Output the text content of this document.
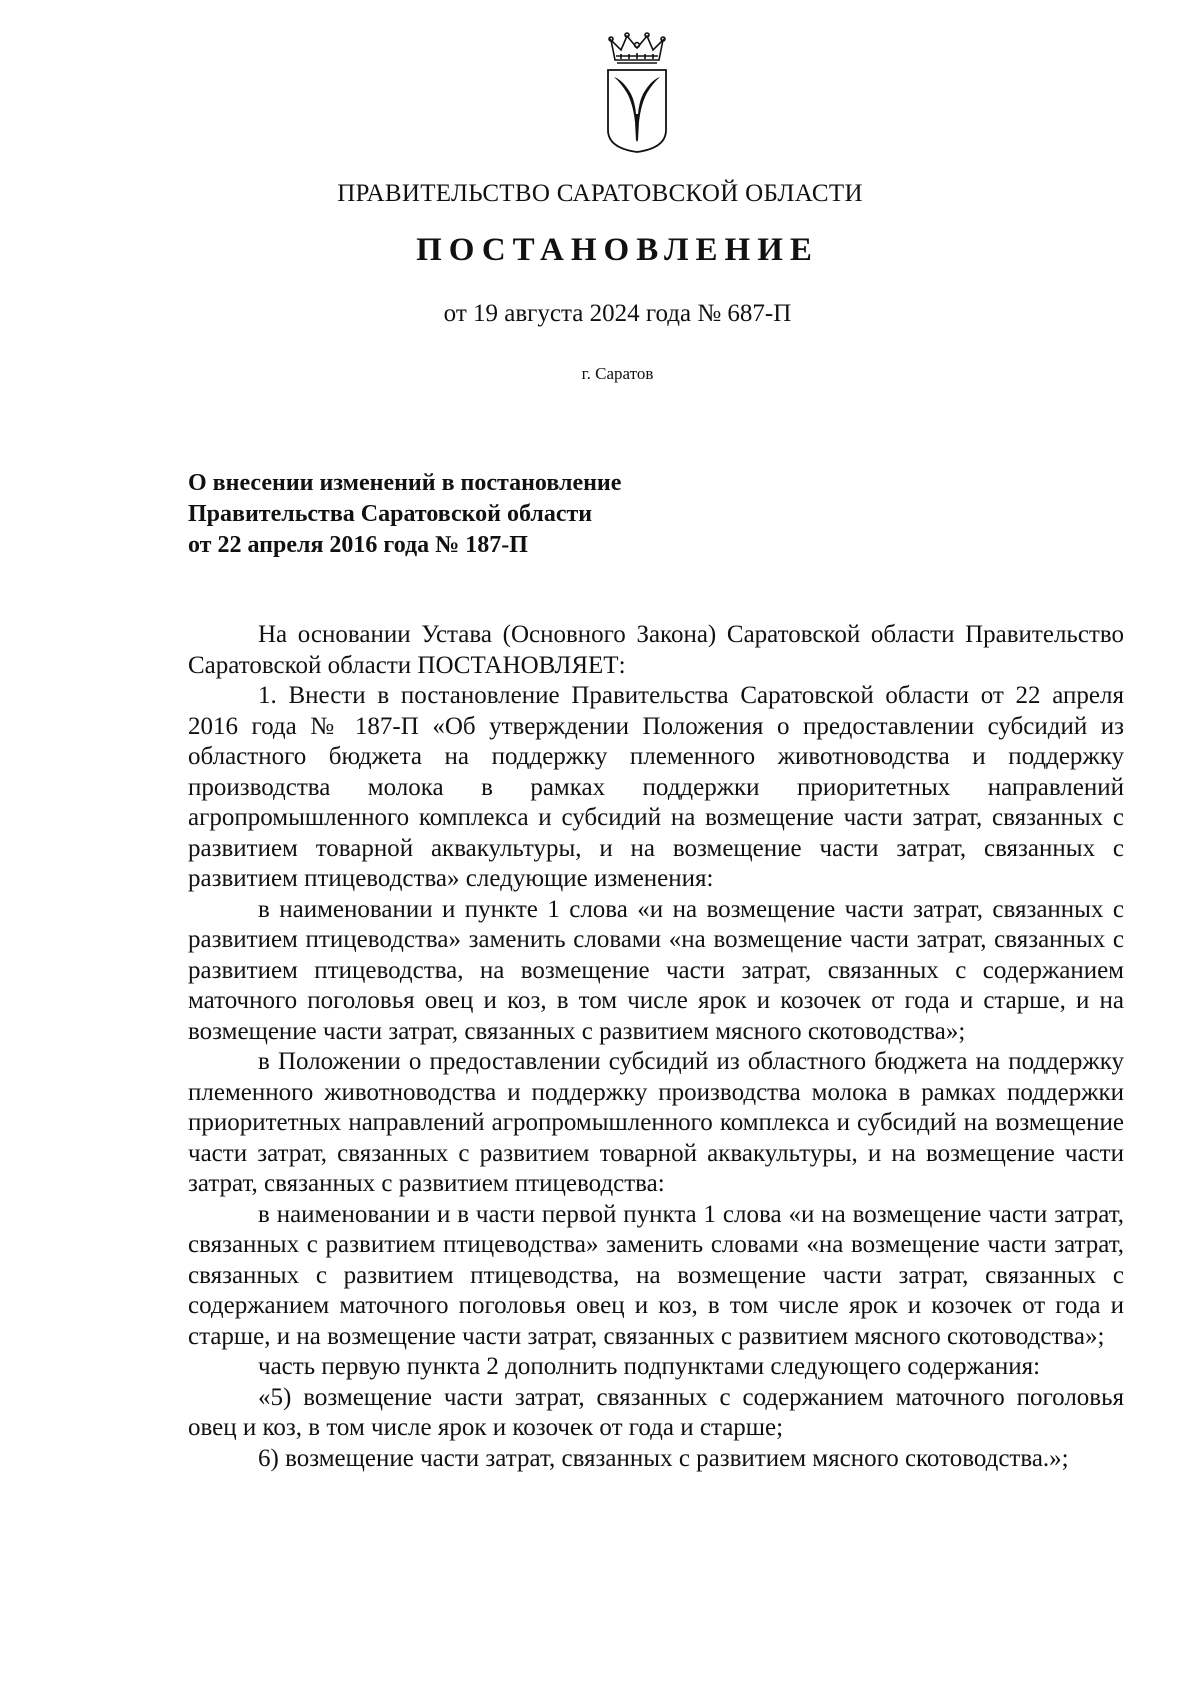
ПРАВИТЕЛЬСТВО САРАТОВСКОЙ ОБЛАСТИ
ПОСТАНОВЛЕНИЕ
от 19 августа 2024 года № 687-П
г. Саратов
О внесении изменений в постановление
Правительства Саратовской области
от 22 апреля 2016 года № 187-П

На основании Устава (Основного Закона) Саратовской области Правительство Саратовской области ПОСТАНОВЛЯЕТ:

1. Внести в постановление Правительства Саратовской области от 22 апреля 2016 года № 187-П «Об утверждении Положения о предоставлении субсидий из областного бюджета на поддержку племенного животноводства и поддержку производства молока в рамках поддержки приоритетных направлений агропромышленного комплекса и субсидий на возмещение части затрат, связанных с развитием товарной аквакультуры, и на возмещение части затрат, связанных с развитием птицеводства» следующие изменения:

в наименовании и пункте 1 слова «и на возмещение части затрат, связанных с развитием птицеводства» заменить словами «на возмещение части затрат, связанных с развитием птицеводства, на возмещение части затрат, связанных с содержанием маточного поголовья овец и коз, в том числе ярок и козочек от года и старше, и на возмещение части затрат, связанных с развитием мясного скотоводства»;

в Положении о предоставлении субсидий из областного бюджета на поддержку племенного животноводства и поддержку производства молока в рамках поддержки приоритетных направлений агропромышленного комплекса и субсидий на возмещение части затрат, связанных с развитием товарной аквакультуры, и на возмещение части затрат, связанных с развитием птицеводства:

в наименовании и в части первой пункта 1 слова «и на возмещение части затрат, связанных с развитием птицеводства» заменить словами «на возмещение части затрат, связанных с развитием птицеводства, на возмещение части затрат, связанных с содержанием маточного поголовья овец и коз, в том числе ярок и козочек от года и старше, и на возмещение части затрат, связанных с развитием мясного скотоводства»;

часть первую пункта 2 дополнить подпунктами следующего содержания:

«5) возмещение части затрат, связанных с содержанием маточного поголовья овец и коз, в том числе ярок и козочек от года и старше;

6) возмещение части затрат, связанных с развитием мясного скотоводства.»;
